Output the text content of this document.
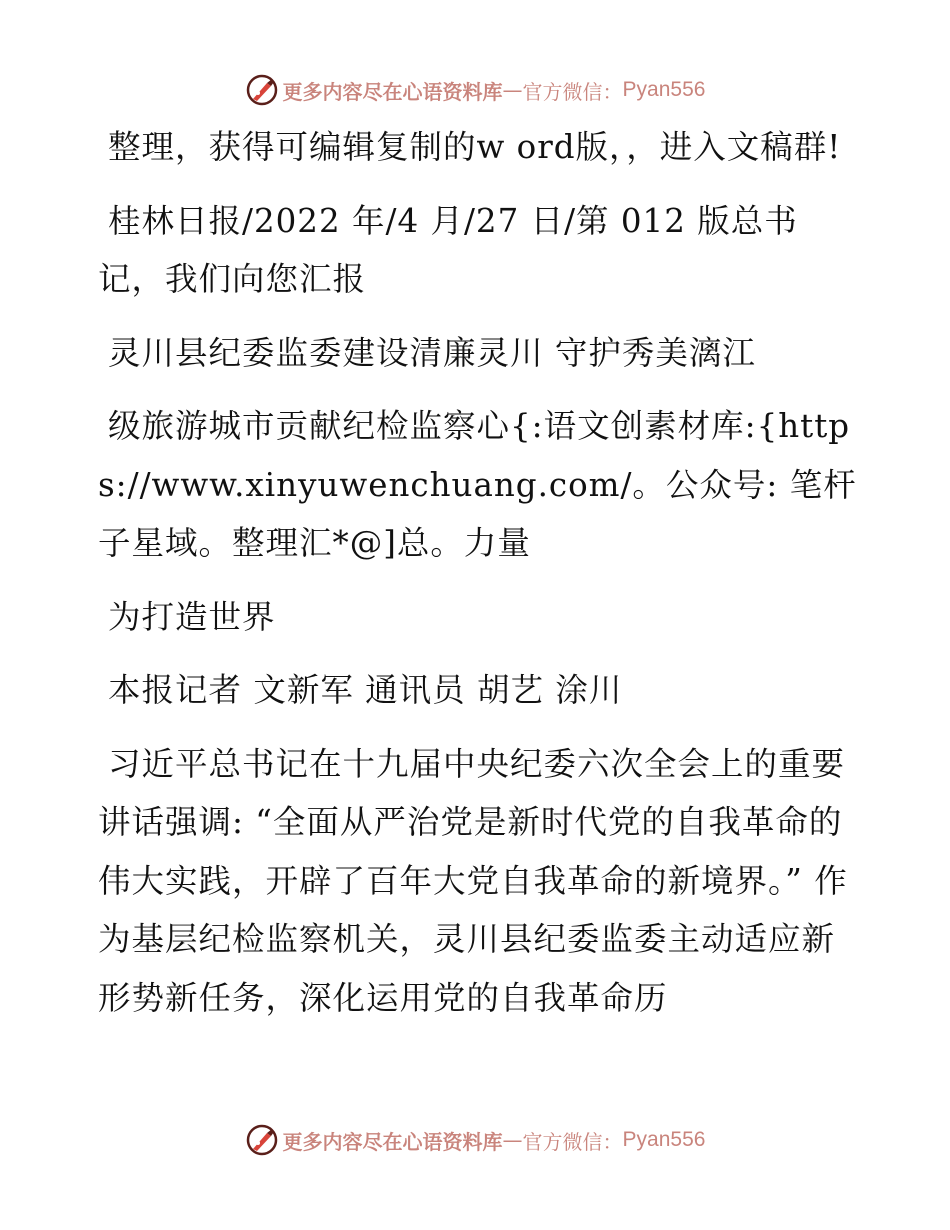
更多内容尽在心语资料库 — 官方微信： Pyan556

整理，获得可编辑复制的w ord版，，进入文稿群!

桂林日报/2022 年/4 月/27 日/第 012 版总书记，我们向您汇报

灵川县纪委监委建设清廉灵川 守护秀美漓江

级旅游城市贡献纪检监察心{:语文创素材库:{https://www.xinyuwenchuang.com/。公众号: 笔杆子星域。整理汇*@]总。力量

为打造世界

本报记者 文新军 通讯员 胡艺 涂川

习近平总书记在十九届中央纪委六次全会上的重要讲话强调: “全面从严治党是新时代党的自我革命的伟大实践，开辟了百年大党自我革命的新境界。” 作为基层纪检监察机关，灵川县纪委监委主动适应新形势新任务，深化运用党的自我革命历

更多内容尽在心语资料库 — 官方微信： Pyan556
